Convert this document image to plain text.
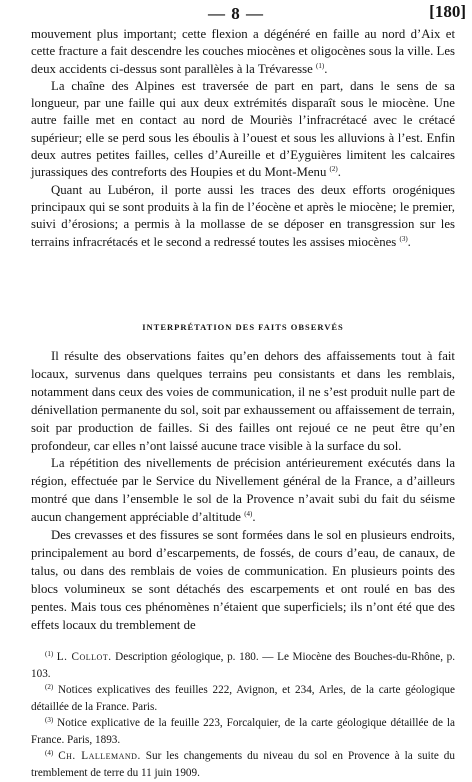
— 8 —	[180]

mouvement plus important; cette flexion a dégénéré en faille au nord d’Aix et cette fracture a fait descendre les couches miocènes et oligocènes sous la ville. Les deux accidents ci-dessus sont parallèles à la Trévaresse $^{(1)}$.

La chaîne des Alpines est traversée de part en part, dans le sens de sa longueur, par une faille qui aux deux extrémités disparaît sous le miocène. Une autre faille met en contact au nord de Mouriès l’infracrétacé avec le crétacé supérieur; elle se perd sous les éboulis à l’ouest et sous les alluvions à l’est. Enfin deux autres petites failles, celles d’Aureille et d’Eyguières limitent les calcaires jurassiques des contreforts des Houpies et du Mont-Menu $^{(2)}$.

Quant au Lubéron, il porte aussi les traces des deux efforts orogéniques principaux qui se sont produits à la fin de l’éocène et après le miocène; le premier, suivi d’érosions; a permis à la mollasse de se déposer en transgression sur les terrains infracrétacés et le second a redressé toutes les assises miocènes $^{(3)}$.

INTERPRÉTATION DES FAITS OBSERVÉS

Il résulte des observations faites qu’en dehors des affaissements tout à fait locaux, survenus dans quelques terrains peu consistants et dans les remblais, notamment dans ceux des voies de communication, il ne s’est produit nulle part de dénivellation permanente du sol, soit par exhaussement ou affaissement de terrain, soit par production de failles. Si des failles ont rejoué ce ne peut être qu’en profondeur, car elles n’ont laissé aucune trace visible à la surface du sol.

La répétition des nivellements de précision antérieurement exécutés dans la région, effectuée par le Service du Nivellement général de la France, a d’ailleurs montré que dans l’ensemble le sol de la Provence n’avait subi du fait du séisme aucun changement appréciable d’altitude $^{(4)}$.

Des crevasses et des fissures se sont formées dans le sol en plusieurs endroits, principalement au bord d’escarpements, de fossés, de cours d’eau, de canaux, de talus, ou dans des remblais de voies de communication. En plusieurs points des blocs volumineux se sont détachés des escarpements et ont roulé en bas des pentes. Mais tous ces phénomènes n’étaient que superficiels; ils n’ont été que des effets locaux du tremblement de

$^{(1)}$ L. Collot. Description géologique, p. 180. — Le Miocène des Bouches-du-Rhône, p. 103.

$^{(2)}$ Notices explicatives des feuilles 222, Avignon, et 234, Arles, de la carte géologique détaillée de la France. Paris.

$^{(3)}$ Notice explicative de la feuille 223, Forcalquier, de la carte géologique détaillée de la France. Paris, 1893.

$^{(4)}$ Ch. Lallemand. Sur les changements du niveau du sol en Provence à la suite du tremblement de terre du 11 juin 1909.
